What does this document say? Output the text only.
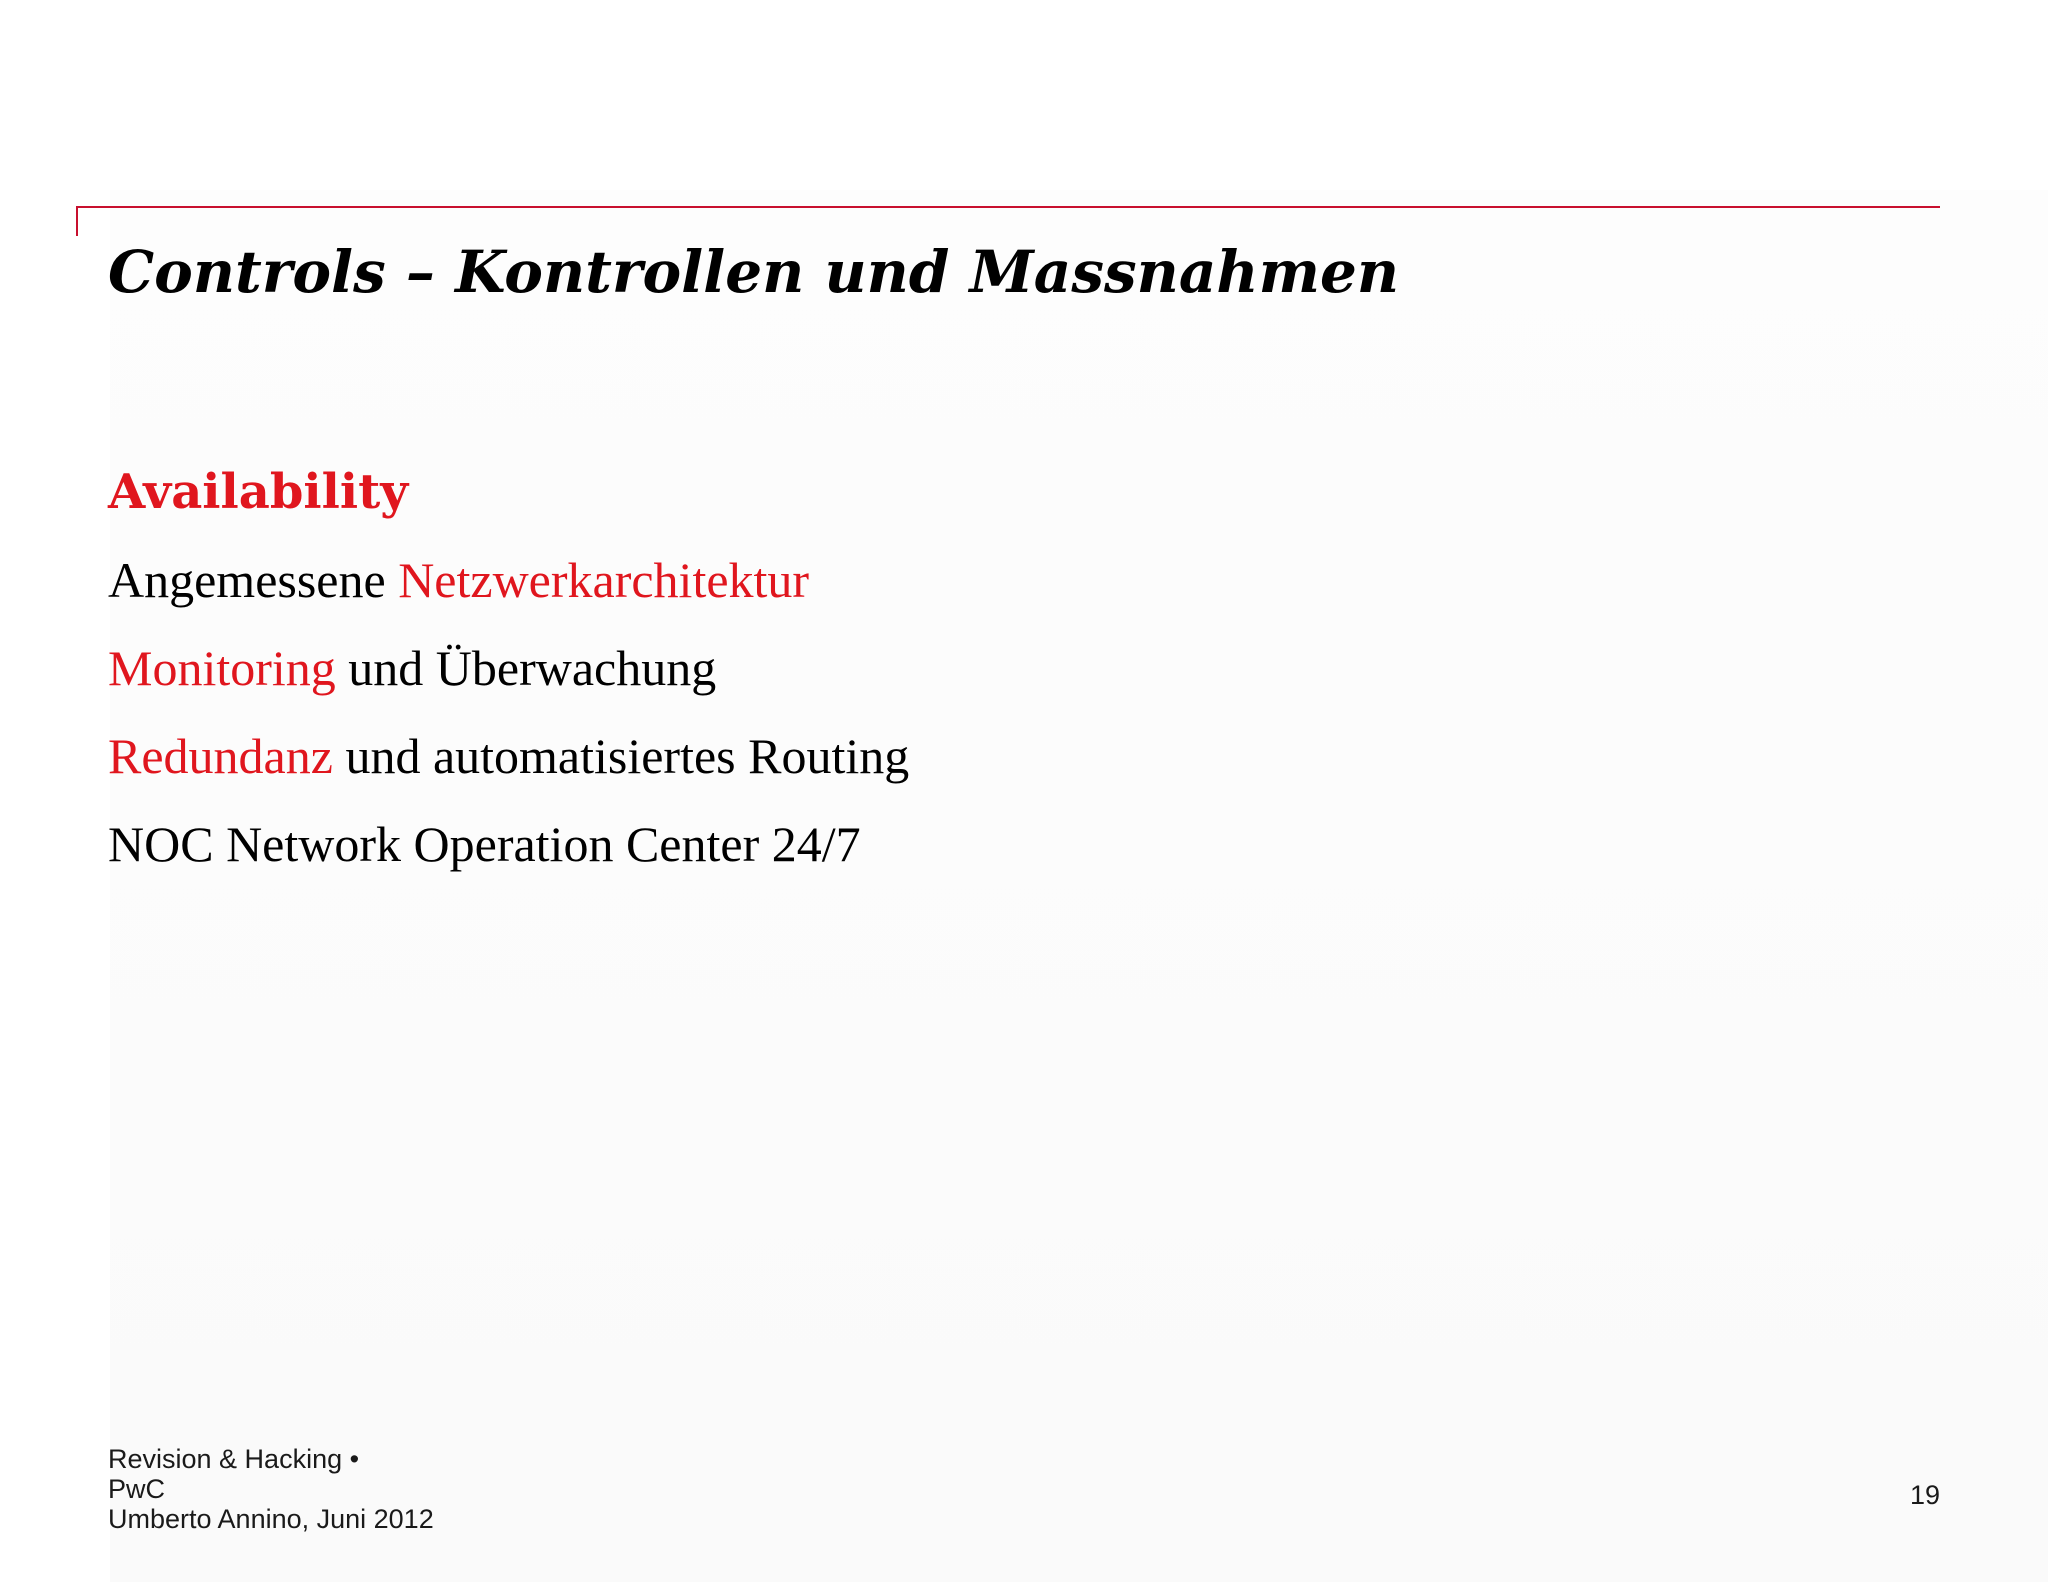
Controls – Kontrollen und Massnahmen
Availability
Angemessene Netzwerkarchitektur
Monitoring und Überwachung
Redundanz und automatisiertes Routing
NOC Network Operation Center 24/7
Revision & Hacking •
PwC
Umberto Annino, Juni 2012
19
